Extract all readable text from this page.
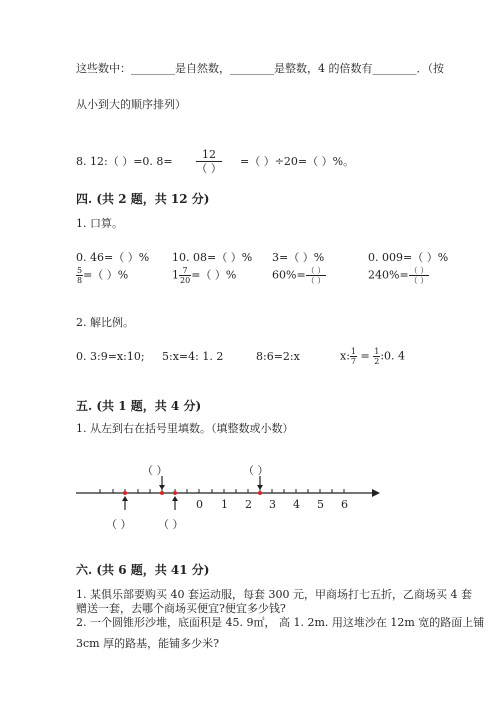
这些数中：________是自然数，________是整数，4 的倍数有________．（按
从小到大的顺序排列）
8. 12:（ ）=0. 8=
12
（ ）
=（ ）÷20=（ ）%。
四. (共 2 题，共 12 分)
1. 口算。
0. 46=（ ）% 10. 08=（ ）% 3=（ ）%	0. 009=（ ）%
$\frac{5}{8}$ =（ ）%	$1 \frac{7}{20}$ =（ ）%	$60\%= \frac{( )}{( )}$	$240\%= \frac{( )}{( )}$
2. 解比例。
0. 3:9=x:10; 5:x=4: 1. 2	8:6=2:x	x: $\frac{1}{7} = \frac{1}{2}$ :0. 4
五. (共 1 题，共 4 分)
1. 从左到右在括号里填数。（填整数或小数）
（ ）	（ ）
（ ） （ ）
0 1 2 3 4 5 6
六. (共 6 题，共 41 分)
1. 某俱乐部要购买 40 套运动服，每套 300 元，甲商场打七五折，乙商场买 4 套
赠送一套，去哪个商场买便宜?便宜多少钱?
2. 一个圆锥形沙堆，底面积是 45. 9㎡， 高 1. 2m. 用这堆沙在 12m 宽的路面上铺
3cm 厚的路基，能铺多少米?
